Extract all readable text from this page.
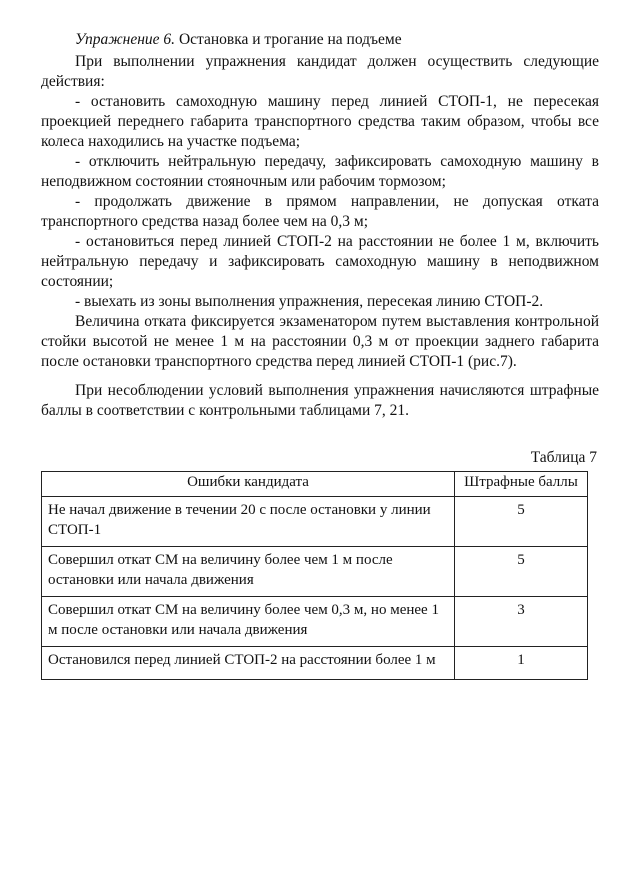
Упражнение 6. Остановка и трогание на подъеме

При выполнении упражнения кандидат должен осуществить следующие действия:

- остановить самоходную машину перед линией СТОП-1, не пересекая проекцией переднего габарита транспортного средства таким образом, чтобы все колеса находились на участке подъема;

- отключить нейтральную передачу, зафиксировать самоходную машину в неподвижном состоянии стояночным или рабочим тормозом;

- продолжать движение в прямом направлении, не допуская отката транспортного средства назад более чем на 0,3 м;

- остановиться перед линией СТОП-2 на расстоянии не более 1 м, включить нейтральную передачу и зафиксировать самоходную машину в неподвижном состоянии;

- выехать из зоны выполнения упражнения, пересекая линию СТОП-2.

Величина отката фиксируется экзаменатором путем выставления контрольной стойки высотой не менее 1 м на расстоянии 0,3 м от проекции заднего габарита после остановки транспортного средства перед линией СТОП-1 (рис.7).

При несоблюдении условий выполнения упражнения начисляются штрафные баллы в соответствии с контрольными таблицами 7, 21.

Таблица 7
Ошибки кандидата	Штрафные баллы
Не начал движение в течении 20 с после остановки у линии СТОП-1	5
Совершил откат СМ на величину более чем 1 м после остановки или начала движения	5
Совершил откат СМ на величину более чем 0,3 м, но менее 1 м после остановки или начала движения	3
Остановился перед линией СТОП-2 на расстоянии более 1 м	1
